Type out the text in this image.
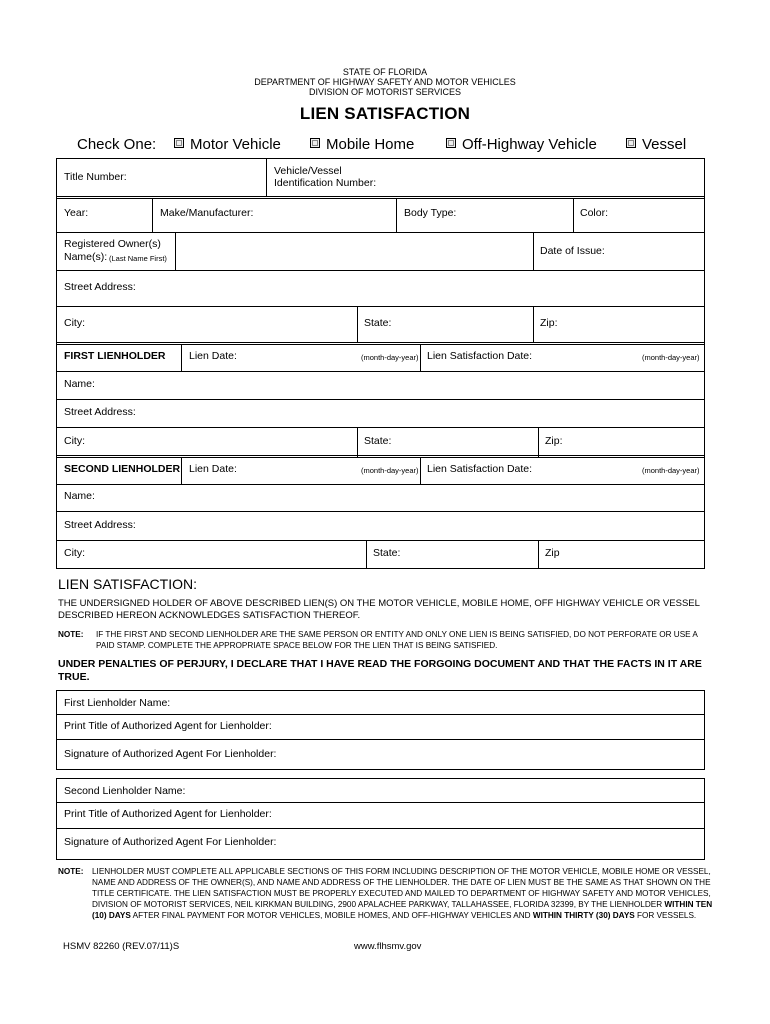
STATE OF FLORIDA
DEPARTMENT OF HIGHWAY SAFETY AND MOTOR VEHICLES
DIVISION OF MOTORIST SERVICES
LIEN SATISFACTION
Check One: Motor Vehicle	Mobile Home	Off-Highway Vehicle	Vessel
Title Number:	Vehicle/Vessel
Identification Number:
Year:	Make/Manufacturer:	Body Type:	Color:
Registered Owner(s)
Name(s): (Last Name First)
Date of Issue:
Street Address:
City:	State:	Zip:
FIRST LIENHOLDER Lien Date:	(month-day-year) Lien Satisfaction Date:	(month-day-year)
Name:
Street Address:
City:	State:	Zip:
SECOND LIENHOLDER Lien Date:	(month-day-year) Lien Satisfaction Date:	(month-day-year)
Name:
Street Address:
City:	State:	Zip
LIEN SATISFACTION:
THE UNDERSIGNED HOLDER OF ABOVE DESCRIBED LIEN(S) ON THE MOTOR VEHICLE, MOBILE HOME, OFF HIGHWAY VEHICLE OR VESSEL DESCRIBED HEREON ACKNOWLEDGES SATISFACTION THEREOF.
NOTE: IF THE FIRST AND SECOND LIENHOLDER ARE THE SAME PERSON OR ENTITY AND ONLY ONE LIEN IS BEING SATISFIED, DO NOT PERFORATE OR USE A PAID STAMP. COMPLETE THE APPROPRIATE SPACE BELOW FOR THE LIEN THAT IS BEING SATISFIED.
UNDER PENALTIES OF PERJURY, I DECLARE THAT I HAVE READ THE FORGOING DOCUMENT AND THAT THE FACTS IN IT ARE TRUE.
First Lienholder Name:
Print Title of Authorized Agent for Lienholder:
Signature of Authorized Agent For Lienholder:
Second Lienholder Name:
Print Title of Authorized Agent for Lienholder:
Signature of Authorized Agent For Lienholder:
NOTE: LIENHOLDER MUST COMPLETE ALL APPLICABLE SECTIONS OF THIS FORM INCLUDING DESCRIPTION OF THE MOTOR VEHICLE, MOBILE HOME OR VESSEL, NAME AND ADDRESS OF THE OWNER(S), AND NAME AND ADDRESS OF THE LIENHOLDER. THE DATE OF LIEN MUST BE THE SAME AS THAT SHOWN ON THE TITLE CERTIFICATE. THE LIEN SATISFACTION MUST BE PROPERLY EXECUTED AND MAILED TO DEPARTMENT OF HIGHWAY SAFETY AND MOTOR VEHICLES, DIVISION OF MOTORIST SERVICES, NEIL KIRKMAN BUILDING, 2900 APALACHEE PARKWAY, TALLAHASSEE, FLORIDA 32399, BY THE LIENHOLDER WITHIN TEN (10) DAYS AFTER FINAL PAYMENT FOR MOTOR VEHICLES, MOBILE HOMES, AND OFF-HIGHWAY VEHICLES AND WITHIN THIRTY (30) DAYS FOR VESSELS.
HSMV 82260 (REV.07/11)S	www.flhsmv.gov
